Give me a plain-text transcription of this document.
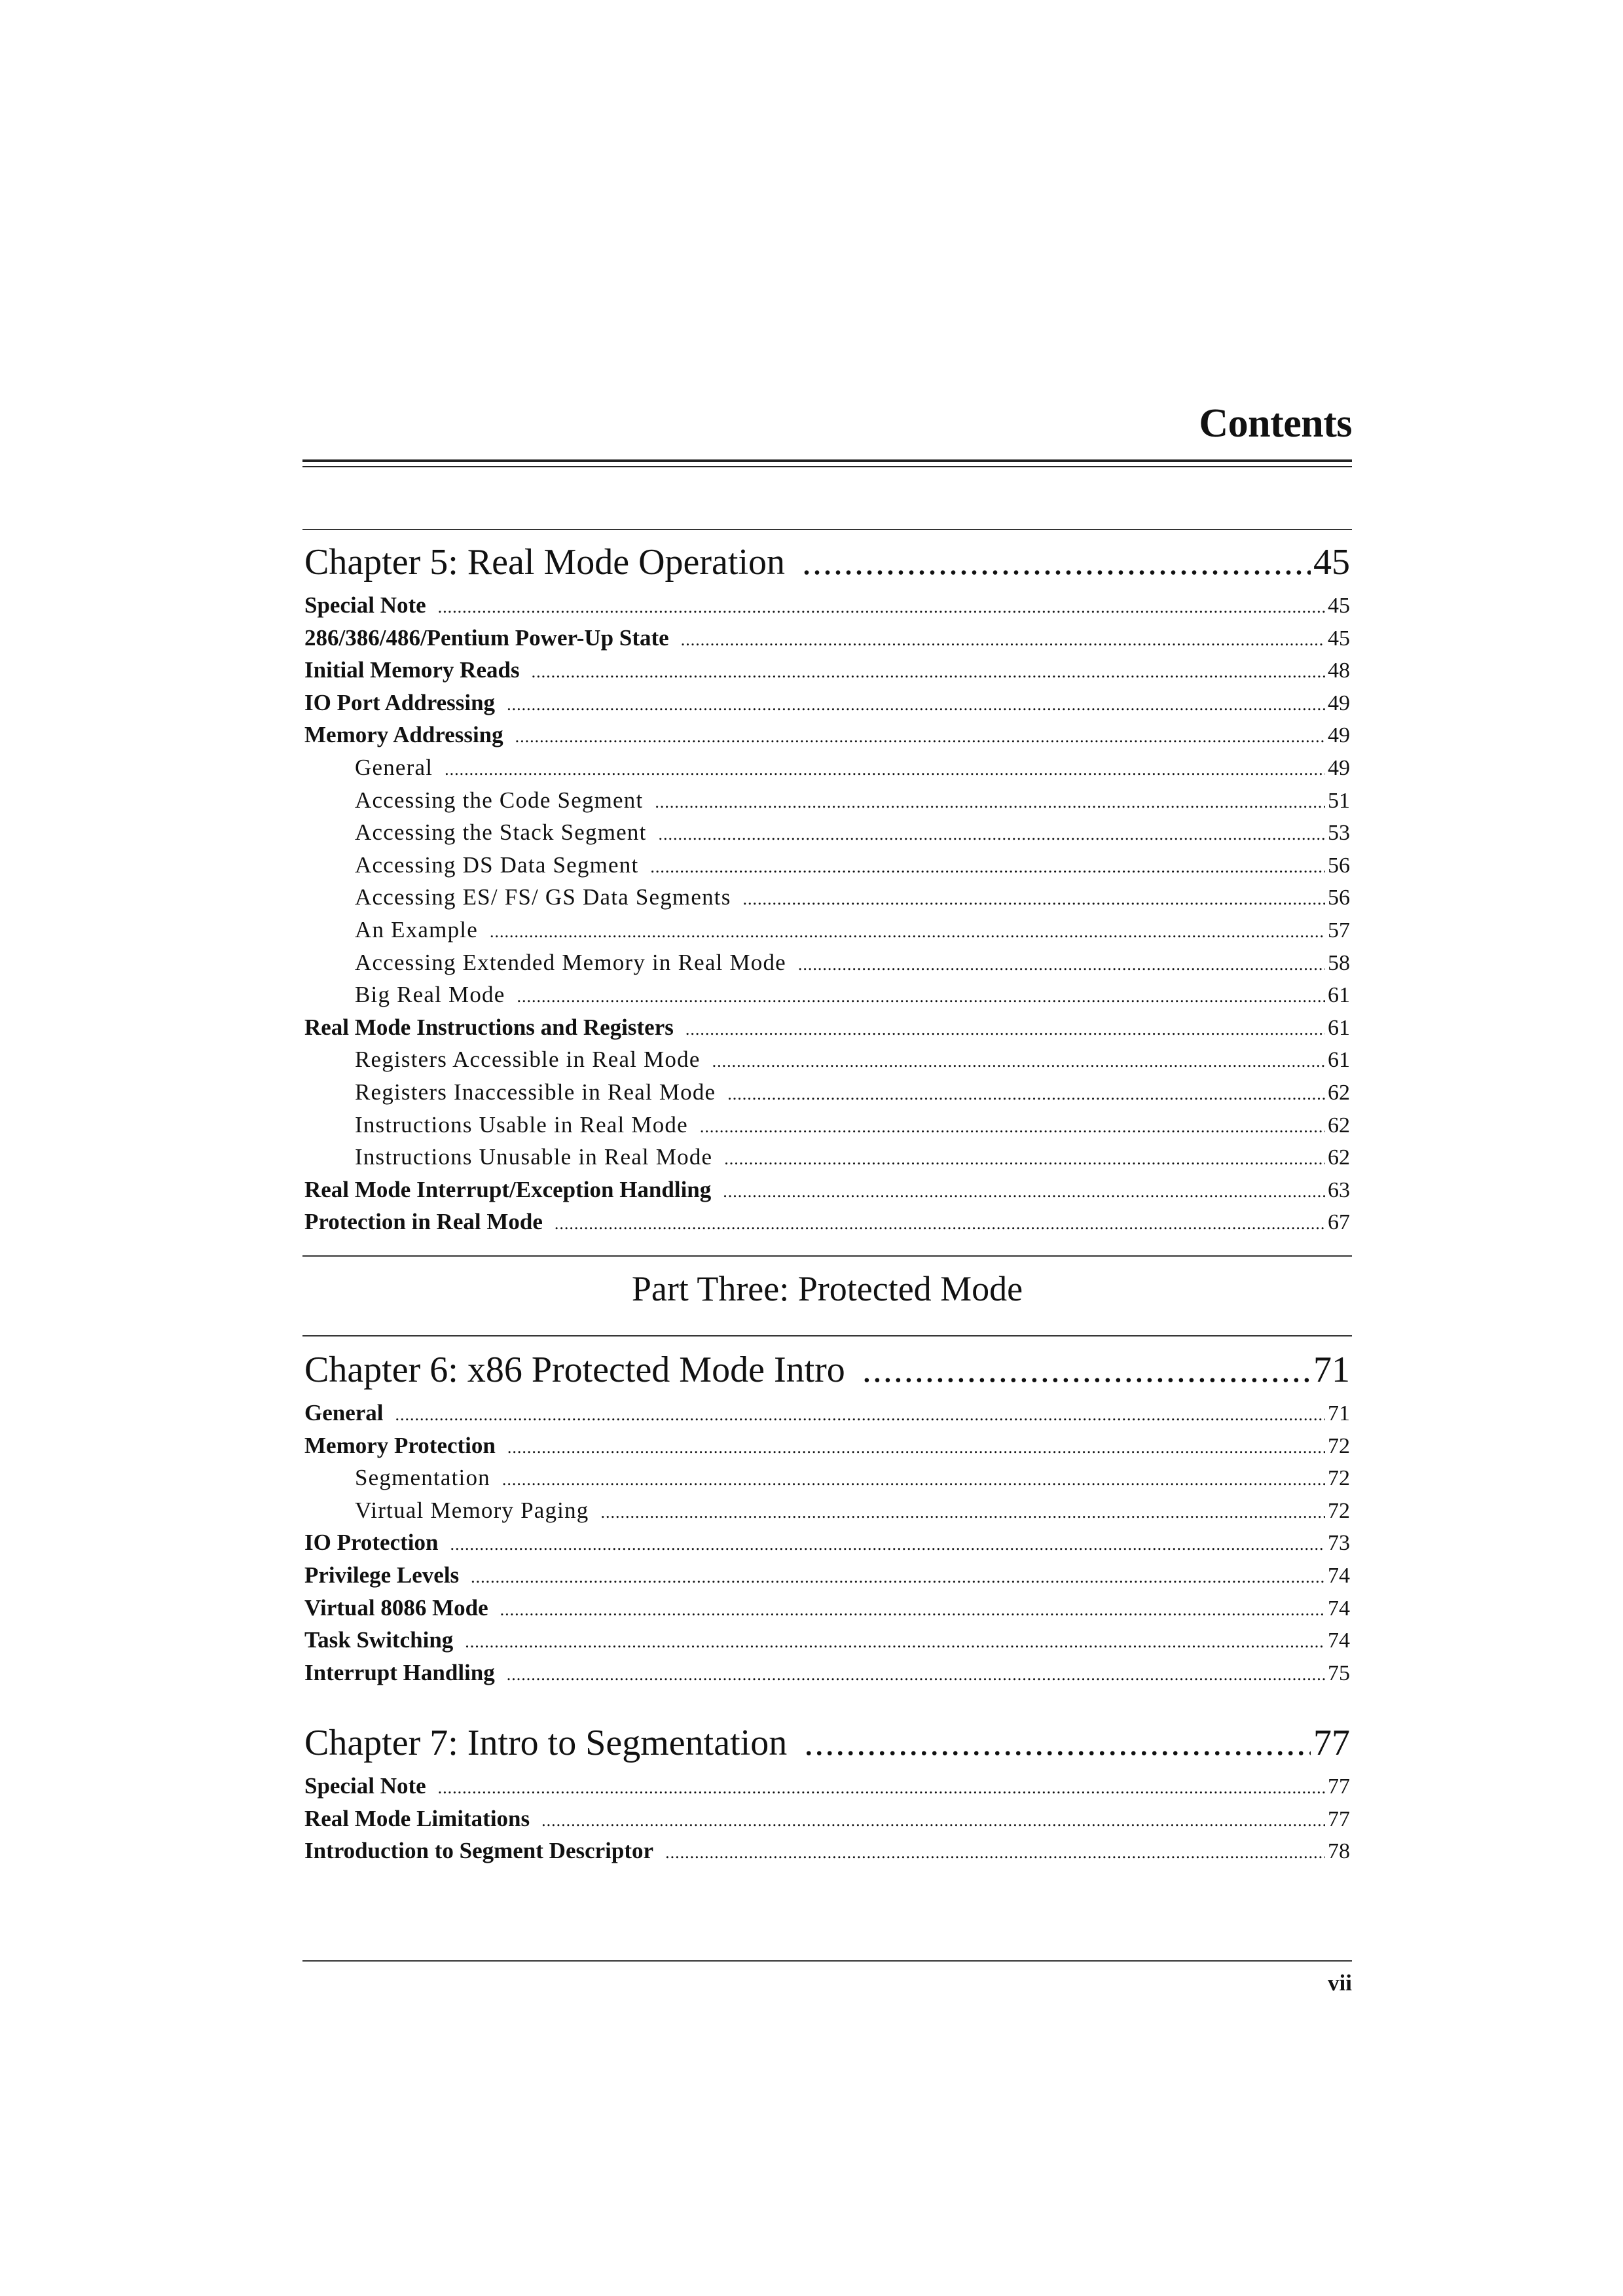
Contents
Chapter 5: Real Mode Operation .....	45
Special Note .....	45
286/386/486/Pentium Power-Up State .....	45
Initial Memory Reads .....	48
IO Port Addressing .....	49
Memory Addressing .....	49
General .....	49
Accessing the Code Segment .....	51
Accessing the Stack Segment .....	53
Accessing DS Data Segment .....	56
Accessing ES/ FS/ GS Data Segments .....	56
An Example .....	57
Accessing Extended Memory in Real Mode .....	58
Big Real Mode .....	61
Real Mode Instructions and Registers .....	61
Registers Accessible in Real Mode .....	61
Registers Inaccessible in Real Mode .....	62
Instructions Usable in Real Mode .....	62
Instructions Unusable in Real Mode .....	62
Real Mode Interrupt/Exception Handling .....	63
Protection in Real Mode .....	67
Part Three: Protected Mode
Chapter 6: x86 Protected Mode Intro .....	71
General .....	71
Memory Protection .....	72
Segmentation .....	72
Virtual Memory Paging .....	72
IO Protection .....	73
Privilege Levels .....	74
Virtual 8086 Mode .....	74
Task Switching .....	74
Interrupt Handling .....	75
Chapter 7: Intro to Segmentation .....	77
Special Note .....	77
Real Mode Limitations .....	77
Introduction to Segment Descriptor .....	78
vii
